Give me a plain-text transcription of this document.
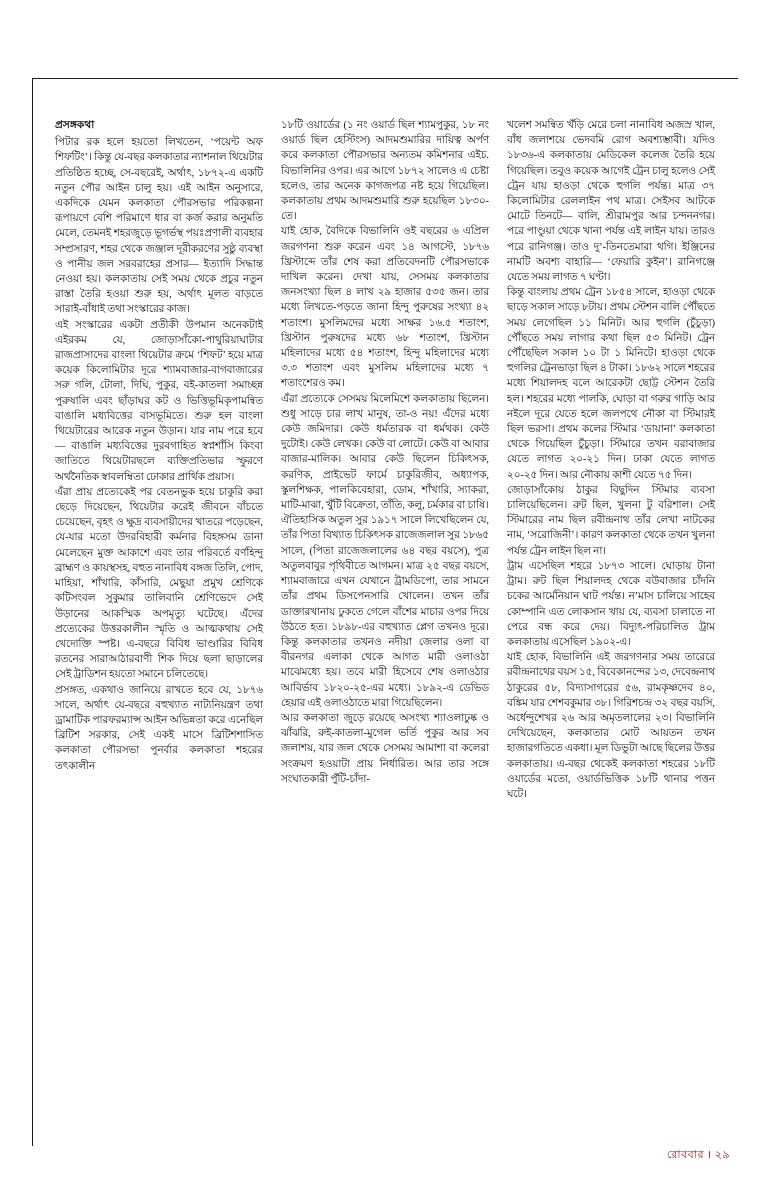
প্রসঙ্গকথা

পিটার রক হলে হয়তো লিখতেন, ‘পয়েন্ট অফ শিফটিং’। কিন্তু যে-বছর কলকাতার ন্যাশনাল থিয়েটার প্রতিষ্ঠিত হচ্ছে, সে-বছরেই, অর্থাৎ, ১৮৭২-এ একটি নতুন পৌর আইন চালু হয়। এই আইন অনুসারে, একদিকে যেমন কলকাতা পৌরসভার পরিকল্পনা রূপায়ণে বেশি পরিমাণে ধার বা কর্জ করার অনুমতি মেলে, তেমনই শহরজুড়ে ভূগর্ভস্থ পয়ঃপ্রণালী ব্যবহার সম্প্রসারণ, শহর থেকে জঞ্জাল দূরীকরণের সুষ্ঠু ব্যবস্থা ও পানীয় জল সরবরাহের প্রসার— ইত্যাদি সিদ্ধান্ত নেওয়া হয়। কলকাতায় সেই সময় থেকে প্রচুর নতুন রাস্তা তৈরি হওয়া শুরু হয়, অর্থাৎ মূলত বাড়তে সারাই-বাঁধাই তথা সংস্কারের কাজ।

এই সংস্কারের একটা প্রতীকী উপমান অনেকটাই এইরকম যে, ‍জোড়াসাঁকো-পাথুরিয়াঘাটার রাজপ্রাসাদের বাংলা থিয়েটার ক্রমে ‘শিফট’ হয়ে মাত্র কয়েক কিলোমিটার দূরে শ্যামবাজার-বাগবাজারের সরু গলি, টোলা, দিঘি, পুকুর, বই-কাতলা সমাচ্ছন্ন পুরুষালি এবং ছাঁড়াঘর কট ও ভিত্তিভূমিকৃপামন্বিত বাঙালি মধ্যবিত্তের বাসভূমিতে। শুরু হল বাংলা থিয়েটারের আরেক নতুন উড়ান। যার নাম পরে হবে— বাঙালি মধ্যবিত্তের দুরবগাহিত স্বপ্নশাঁসি কিংবা জাতিতে থিয়েটারছলে ব্যক্তিপ্রতিভার স্ফুরণে অর্থনৈতিক স্বাবলম্বিতা ঢোকার প্রার্থিক প্রয়াস।

এঁরা প্রায় প্রত্যেকেই পর বেতনভুক হয়ে চাকুরি করা ছেড়ে দিয়েছেন, থিয়েটার করেই জীবনে বাঁচতে চেয়েছেন, বৃহৎ ও ক্ষুদ্র ব্যবসায়ীদের খাতরে পড়েছেন, যে-যার মতো উদরবিহারী কর্মনার বিহঙ্গসম ডানা মেলেছেন মুক্ত আকাশে এবং তার পরিবর্তে বর্ণহিন্দু ব্রাহ্মণ ও কায়স্থসহ, বহুত নানাবিধ বঙ্গজ তিলি, পোদ, মাহিয়া, শাঁখারি, কাঁসারি, মেছুয়া প্রমুখ শ্রেণিকে কটিসংবল সুকুমার তালিবানি শ্রেণিভেদে সেই উড়ানের আকস্মিক অপমৃত্যু ঘটেছে। এঁদের প্রত্যেকের উত্তরকালীন স্মৃতি ও আত্মকথায় সেই খেদোক্তি স্পষ্ট। এ-বছরে বিবিধ ভাণ্ডারির বিবিধ রতনের সারাআঠারবাণী শিক দিয়ে ছলা ছাড়ালের সেই ট্রাডিশন হয়তো সমানে চলিতেছে।

প্রসঙ্গত, একথাও জানিয়ে রাখতে হবে যে, ১৮৭৬ সালে, অর্থাৎ যে-বছরে বহুখ্যাত নাট্যনিয়ন্ত্রণ তথা ড্রামাটিক পারফরম্যান্স আইন অভিন্নতা করে এনেছিল ব্রিটিশ সরকার, সেই একই মাসে ব্রিটিশশাসিত কলকাতা পৌরসভা পুনর্বার কলকাতা শহরের তৎকালীন

১৮টি ওয়ার্ডের (১ নং ওয়ার্ড ছিল শ্যামপুকুর, ১৮ নং ওয়ার্ড ছিল হেস্টিংস) আদমশুমারির দায়িত্ব অর্পণ করে কলকাতা পৌরসভার অন্যতম কমিশনার এইচ. বিভালিনির ওপর। এর আগে ১৮৭২ সালেও এ চেষ্টা হলেও, তার অনেক কাগজপত্র নষ্ট হয়ে গিয়েছিল। কলকাতায় প্রথম আদমশুমারি শুরু হয়েছিল ১৮৩০-তে।

যাই হোক, বৈদিকে বিভালিনি ওই বছরের ৬ এপ্রিল জরগণনা শুরু করেন এবং ১৪ আগস্টে, ১৮৭৬ খ্রিস্টাব্দে তাঁর শেষ করা প্রতিবেদনটি পৌরসভাকে দাখিল করেন। দেখা যায়, সেসময় কলকাতার জনসংখ্যা ছিল ৪ লাখ ২৯ হাজার ৫৩৫ জন। তার মধ্যে লিখতে-পড়তে জানা হিন্দু পুরুষের সংখ্যা ৪২ শতাংশ। মুসলিমদের মধ্যে সাক্ষর ১৬.৫ শতাংশ, খ্রিস্টান পুরুষদের মধ্যে ৬৮ শতাংশ, খ্রিস্টান মহিলাদের মধ্যে ৫৪ শতাংশ, হিন্দু মহিলাদের মধ্যে ৩.৩ শতাংশ এবং মুসলিম মহিলাদের মধ্যে ৭ শতাংশেরও কম।

এঁরা প্রত্যেকে সেসময় মিলেমিশে কলকাতায় ছিলেন। শুধু সাড়ে চার লাখ মানুষ, তা-ও নয়! এঁদের মধ্যে কেউ জমিদার। কেউ ধর্মতারক বা ধর্মথক। কেউ দুটোই। কেউ লেখক। কেউ বা লোটে। কেউ বা আবার বাজার-মালিক। আবার কেউ ছিলেন চিকিৎসক, করণিক, প্রাইভেট ফার্মে চাকুরিজীব, অধ্যাপক, স্কুলশিক্ষক, পালকিবেহারা, ডোম, শাঁখারি, স্যাকরা, মাটি-মাঝা, খুঁটি বিক্রেতা, তাঁতি, কলু, চর্মকার বা চাষি।

ঐতিহাসিক অতুল সুর ১৯১৭ সালে লিখেছিলেন যে, তাঁর পিতা বিখ্যাত চিকিৎসক রাজেজলাল সুর ১৮৬৫ সালে, (পিতা রাজেজলালের ৬৪ বছর বয়সে), পুত্র অতুলবাবুর পৃথিবীতে আগমন। মাত্র ২৫ বছর বয়সে, শ্যামবাজারে এখন যেখানে ট্রামডিপো, তার সামনে তাঁর প্রথম ডিসপেনসারি খোলেন। তখন তাঁর ডাক্তারখানায় ঢুকতে গেলে বাঁশের মাচার ওপর দিয়ে উঠতে হত। ১৮৯৮-এর বহুখ্যাত প্লেগ তখনও দূরে। কিন্তু কলকাতার তখনও নদীয়া জেলার ওলা বা বীরনগর এলাকা থেকে আগত মারী ওলাওঠা মাঝেমধ্যে হয়। তবে মারী হিসেবে শেষ ওলাওঠার আবির্ভাব ১৮২০-২৫-এর মধ্যে। ১৮৯২-এ ডেভিড হেয়ার এই ওলাওঠাতে মারা গিয়েছিলেন।

আর কলকাতা জুড়ে রয়েছে অসংখ্য শ্যাওলাঢুষ্ক ও ঝাঁঝরি, রুই-কাতলা-মুগেল ভর্তি পুকুর আর সব জলাশয়, যার জল থেকে সেসময় আমাশা বা কলেরা সংক্রমণ হওয়াটা প্রায় নির্ধারিত। আর তার সঙ্গে সংঘাতকারী পুঁটি-চাঁদা-

খলেশ সমন্বিত খঁড়ি মেরে চলা নানাবিধ অজস্র খাল, বাঁধ জলাশয়ে ভেদবমি রোগ অবশ্যম্ভাবী। যদিও ১৮৩৬-এ কলকাতায় মেডিকেল কলেজ তৈরি হয়ে গিয়েছিল। তবুও কয়েক আগেই ট্রেন চালু হলেও সেই ট্রেন যায় হাওড়া থেকে হুগলি পর্যন্ত। মাত্র ৩৭ কিলোমিটার রেললাইন পথ মাত্র। সেইসব আটকে মোটে তিনটে— বালি, শ্রীরামপুর আর চন্দননগর। পরে পাণ্ডুয়া থেকে খানা পর্যন্ত এই লাইন যায়। তারও পরে রানিগঞ্জ। তাও দু’-তিনতেমারা থগি। ইঞ্জিনের নামটি অবশ্য বাহারি— ‘ফেয়ারি কুইন’। রানিগঞ্জে যেতে সময় লাগত ৭ ঘণ্টা।

কিন্তু বাংলায় প্রথম ট্রেন ১৮৫৪ সালে, হাওড়া থেকে ছাড়ে সকাল সাড়ে ৮টায়। প্রথম স্টেশন বালি পৌঁছতে সময় লেগেছিল ১১ মিনিট। আর হুগলি (চুঁচুড়া) পৌঁছতে সময় লাগার কথা ছিল ৫৩ মিনিট। ট্রেন পৌঁছেছিল সকাল ১০ টা ১ মিনিটে। হাওড়া থেকে হুগলির ট্রেনভাড়া ছিল ৪ টাকা। ১৮৬২ সালে শহরের মধ্যে শিয়ালদহ বলে আরেকটা ছোট্ট স্টেশন তৈরি হল। শহরের মধ্যে পালকি, ঘোড়া বা গরুর গাড়ি আর নইলে দূরে যেতে হলে জলপথে নৌকা বা স্টিমারই ছিল ভরসা। প্রথম কলের স্টিমার ‘ডায়ানা’ কলকাতা থেকে গিয়েছিল চুঁচুড়া। স্টিমারে তখন বরাবাজার যেতে লাগত ২০-২১ দিন। ঢাকা যেতে লাগত ২০-২৫ দিন। আর নৌকায় কাশী যেতে ৭৫ দিন।

জোড়াসাঁকোয় ঠাকুর বিছুদিন স্টিমার ব্যবসা চালিয়েছিলেন। রুট ছিল, খুলনা টু বরিশাল। সেই স্টিমারের নাম ছিল রবীন্দ্রনাথ তাঁর লেখা নাটকের নাম, ‘সরোজিনী’। কারণ কলকাতা থেকে তখন খুলনা পর্যন্ত ট্রেন লাইন ছিল না।

ট্রাম এসেছিল শহরে ১৮৭৩ সালে। ঘোড়ায় টানা ট্রাম। রুট ছিল শিয়ালদহ থেকে বউবাজার চাঁদনি চকের আর্মেনিয়ান ঘাট পর্যন্ত। ন’মাস চালিয়ে সাহেব কোম্পানি এত লোকসান খায় যে, ব্যবসা চালাতে না পেরে বন্ধ করে দেয়। বিদ্যুৎ-পরিচালিত ট্রাম কলকাতায় এসেছিল ১৯০২-এ।

যাই হোক, বিভালিনি এই জরগণনার সময় তারেরে রবীন্দ্রনাথের বয়স ১৫, বিবেকানন্দের ১৩, দেবেন্দ্রনাথ ঠাকুরের ৫৮, বিদ্যাসাগরের ৫৬, রামকৃষ্ণদেব ৪০, বঙ্কিম যার শেশবকুমার ৩৮। গিরিশচন্দ্র ৩২ বছর বয়সি, অর্ধেন্দুশেখর ২৬ আর অমৃতলালের ২৩। বিভালিনি দেখিয়েছেন, কলকাতার মোট আয়তন তখন হাজারগতিতে একধা। মূল ডিভুটা আছে ছিলের উত্তর কলকাতায়। এ-বছর থেকেই কলকাতা শহরের ১৮টি ওয়ার্ডের মতো, ওয়ার্ডভিত্তিক ১৮টি থানার পত্তন ঘটে।

রোববার । ২৯
